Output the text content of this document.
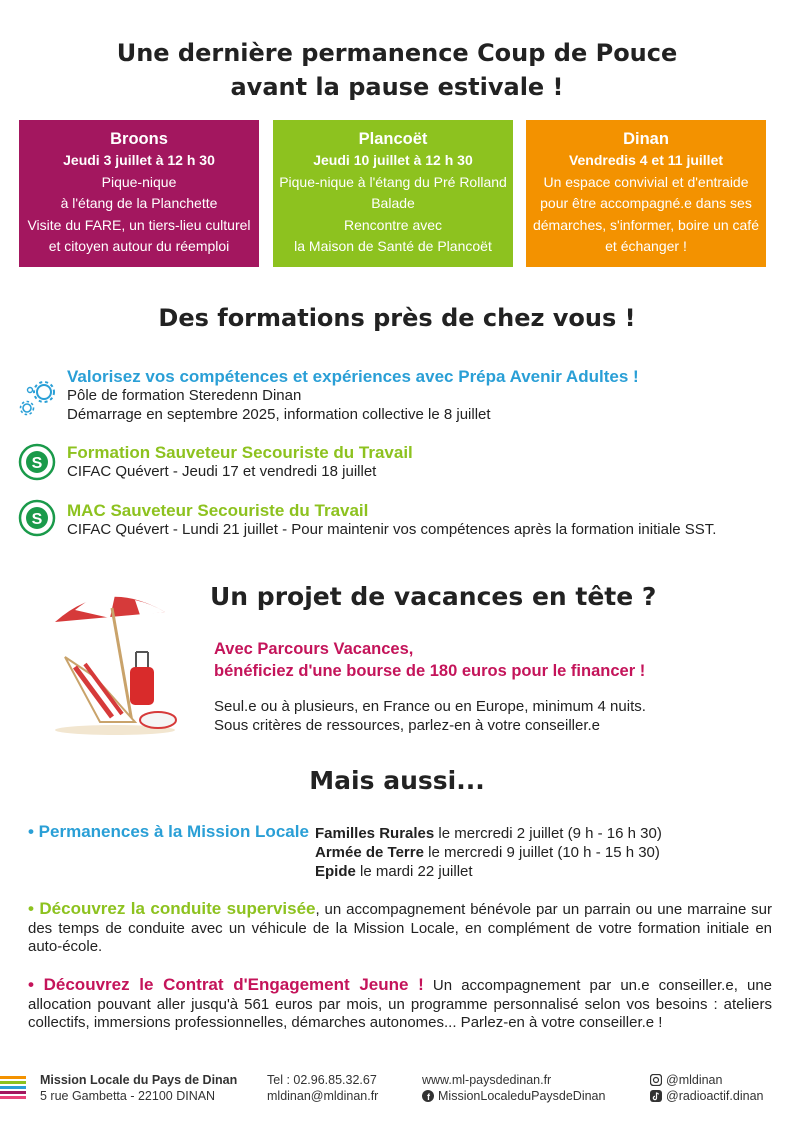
Une dernière permanence Coup de Pouce
avant la pause estivale !
Broons
Jeudi 3 juillet à 12 h 30
Pique-nique
à l'étang de la Planchette
Visite du FARE, un tiers-lieu culturel
et citoyen autour du réemploi
Plancoët
Jeudi 10 juillet à 12 h 30
Pique-nique à l'étang du Pré Rolland
Balade
Rencontre avec
la Maison de Santé de Plancoët
Dinan
Vendredis 4 et 11 juillet
Un espace convivial et d'entraide
pour être accompagné.e dans ses
démarches, s'informer, boire un café
et échanger !
Des formations près de chez vous !
Valorisez vos compétences et expériences avec Prépa Avenir Adultes !
Pôle de formation Steredenn Dinan
Démarrage en septembre 2025, information collective le 8 juillet
S
Formation Sauveteur Secouriste du Travail
CIFAC Quévert - Jeudi 17 et vendredi 18 juillet
S MAC Sauveteur Secouriste du Travail
CIFAC Quévert - Lundi 21 juillet - Pour maintenir vos compétences après la formation initiale SST.
Un projet de vacances en tête ?
Avec Parcours Vacances,
bénéficiez d'une bourse de 180 euros pour le financer !
Seul.e ou à plusieurs, en France ou en Europe, minimum 4 nuits.
Sous critères de ressources, parlez-en à votre conseiller.e
Mais aussi...
• Permanences à la Mission Locale Familles Rurales le mercredi 2 juillet (9 h - 16 h 30)
Armée de Terre le mercredi 9 juillet (10 h - 15 h 30)
Epide le mardi 22 juillet
• Découvrez la conduite supervisée, un accompagnement bénévole par un parrain ou une marraine sur des temps de conduite avec un véhicule de la Mission Locale, en complément de votre formation initiale en auto-école.
• Découvrez le Contrat d'Engagement Jeune ! Un accompagnement par un.e conseiller.e, une allocation pouvant aller jusqu'à 561 euros par mois, un programme personnalisé selon vos besoins : ateliers collectifs, immersions professionnelles, démarches autonomes... Parlez-en à votre conseiller.e !
Mission Locale du Pays de Dinan
5 rue Gambetta - 22100 DINAN
Tel : 02.96.85.32.67
mldinan@mldinan.fr
www.ml-paysdedinan.fr
f MissionLocaleduPaysdeDinan
@mldinan
@radioactif.dinan
